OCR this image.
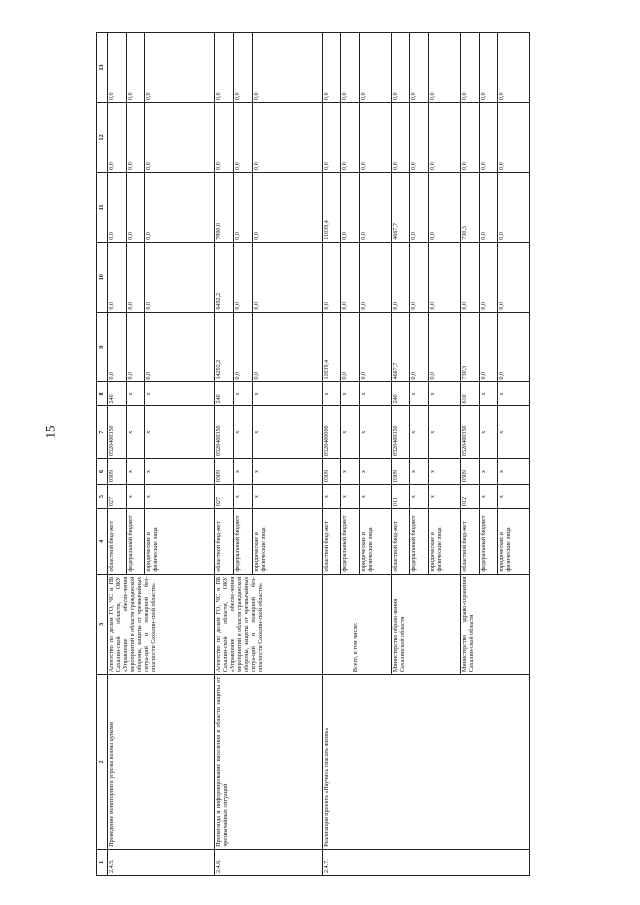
15
1	2	3	4	5	6	7	8	9	10	11	12	13
2.4.5.	Проведение мониторинга угрозы волны цунами	Агентство по делам ГО, ЧС и ПБ Сахалин-ской области, ОКУ «Управление обеспе-чения мероприятий в области гражданской обороны, защиты от чрезвычайных ситуа-ций и пожарной без-опасности Сахалин-ской области»	областной бюд-жет	027	0309	0520400350	240	0,0	0,0	0,0	0,0	0,0
			федеральный бюджет	х	х	х	х	0,0	0,0	0,0	0,0	0,0
			юридические и физические лица	х	х	х	х	0,0	0,0	0,0	0,0	0,0
2.4.6.	Пропаганда и информирование населения в области защиты от чрезвычайных ситуаций	Агентство по делам ГО, ЧС и ПБ Сахалин-ской области, ОКУ «Управление обеспе-чения мероприятий в области гражданской обороны, защиты от чрезвычайных ситуа-ций и пожарной без-опасности Сахалин-ской области»	областной бюд-жет	027	0309	0520400350	240	14292,2	6492,2	7800,0	0,0	0,0
			федеральный бюджет	х	х	х	х	0,0	0,0	0,0	0,0	0,0
			юридические и физические лица	х	х	х	х	0,0	0,0	0,0	0,0	0,0
2.4.7.	Реализация проекта «Научись спасать жизнь»	Всего, в том числе:	областной бюд-жет	х	0309	0520400000	х	11039,4	0,0	11039,4	0,0	0,0
			федеральный бюджет	х	х	х	х	0,0	0,0	0,0	0,0	0,0
			юридические и физические лица	х	х	х	х	0,0	0,0	0,0	0,0	0,0
		Министерство образо-вания Сахалинской области	областной бюд-жет	011	0309	0520400350	240	4667,7	0,0	4667,7	0,0	0,0
			федеральный бюджет	х	х	х	х	0,0	0,0	0,0	0,0	0,0
			юридические и физические лица	х	х	х	х	0,0	0,0	0,0	0,0	0,0
		Министерство здраво-охранения Сахалин-ской области	областной бюд-жет	012	0309	0520400350	610	730,3	0,0	730,3	0,0	0,0
			федеральный бюджет	х	х	х	х	0,0	0,0	0,0	0,0	0,0
			юридические и физические лица	х	х	х	х	0,0	0,0	0,0	0,0	0,0
